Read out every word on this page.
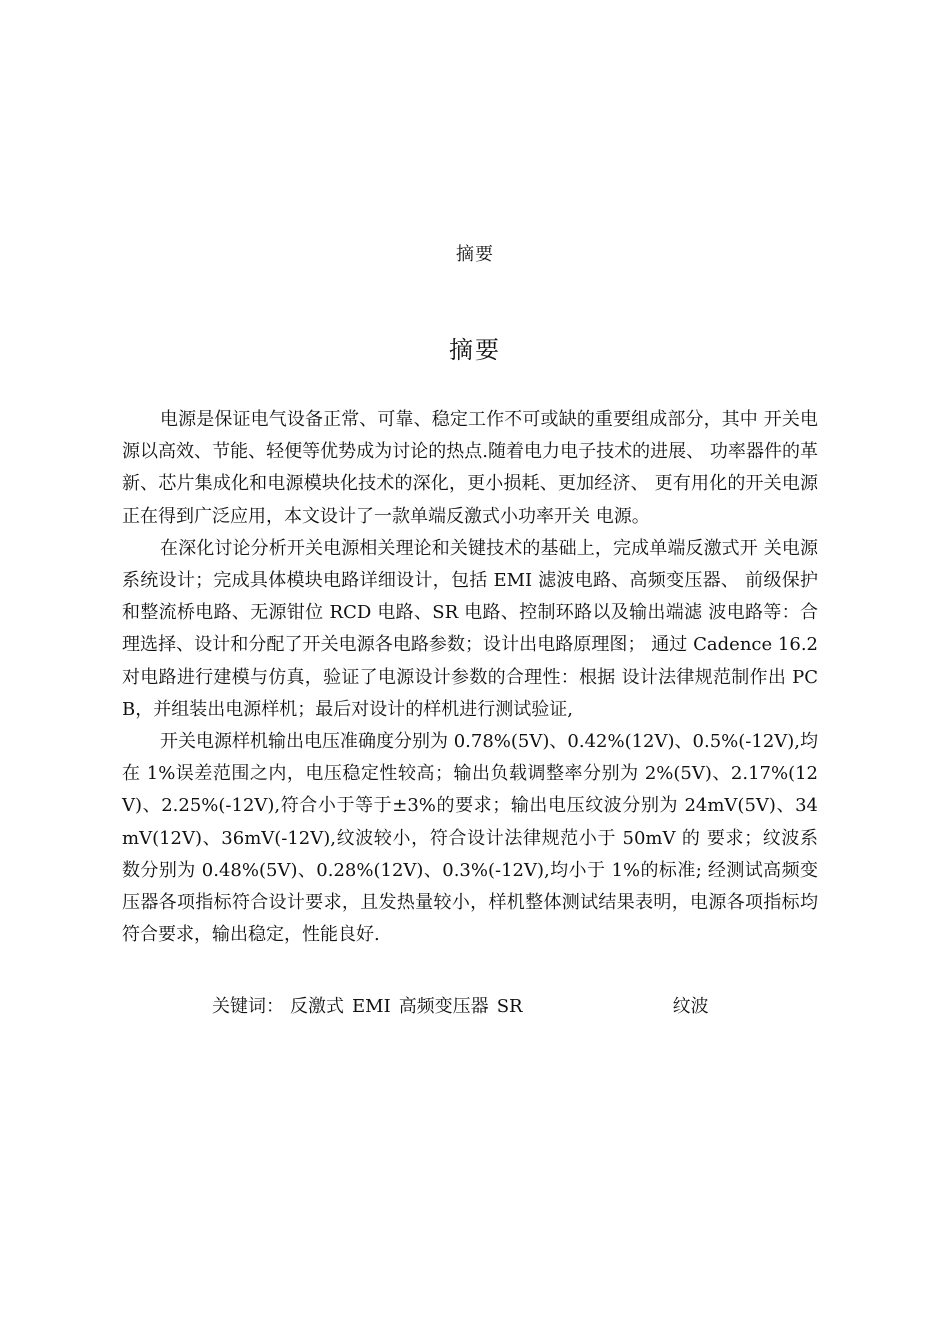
摘要
摘要

电源是保证电气设备正常、可靠、稳定工作不可或缺的重要组成部分，其中 开关电源以高效、节能、轻便等优势成为讨论的热点.随着电力电子技术的进展、 功率器件的革新、芯片集成化和电源模块化技术的深化，更小损耗、更加经济、 更有用化的开关电源正在得到广泛应用，本文设计了一款单端反激式小功率开关 电源。

在深化讨论分析开关电源相关理论和关键技术的基础上，完成单端反激式开 关电源系统设计；完成具体模块电路详细设计，包括 EMI 滤波电路、高频变压器、 前级保护和整流桥电路、无源钳位 RCD 电路、SR 电路、控制环路以及输出端滤 波电路等：合理选择、设计和分配了开关电源各电路参数；设计出电路原理图； 通过 Cadence 16.2 对电路进行建模与仿真，验证了电源设计参数的合理性：根据 设计法律规范制作出 PCB，并组装出电源样机；最后对设计的样机进行测试验证,

开关电源样机输出电压准确度分别为 0.78%(5V)、0.42%(12V)、0.5%(-12V),均在 1%误差范围之内，电压稳定性较高；输出负载调整率分别为 2%(5V)、2.17%(12V)、2.25%(-12V),符合小于等于±3%的要求；输出电压纹波分别为 24mV(5V)、34mV(12V)、36mV(-12V),纹波较小，符合设计法律规范小于 50mV 的 要求；纹波系数分别为 0.48%(5V)、0.28%(12V)、0.3%(-12V),均小于 1%的标准; 经测试高频变压器各项指标符合设计要求，且发热量较小，样机整体测试结果表明，电源各项指标均符合要求，输出稳定，性能良好.

关键词： 反激式 EMI 高频变压器 SR	纹波
